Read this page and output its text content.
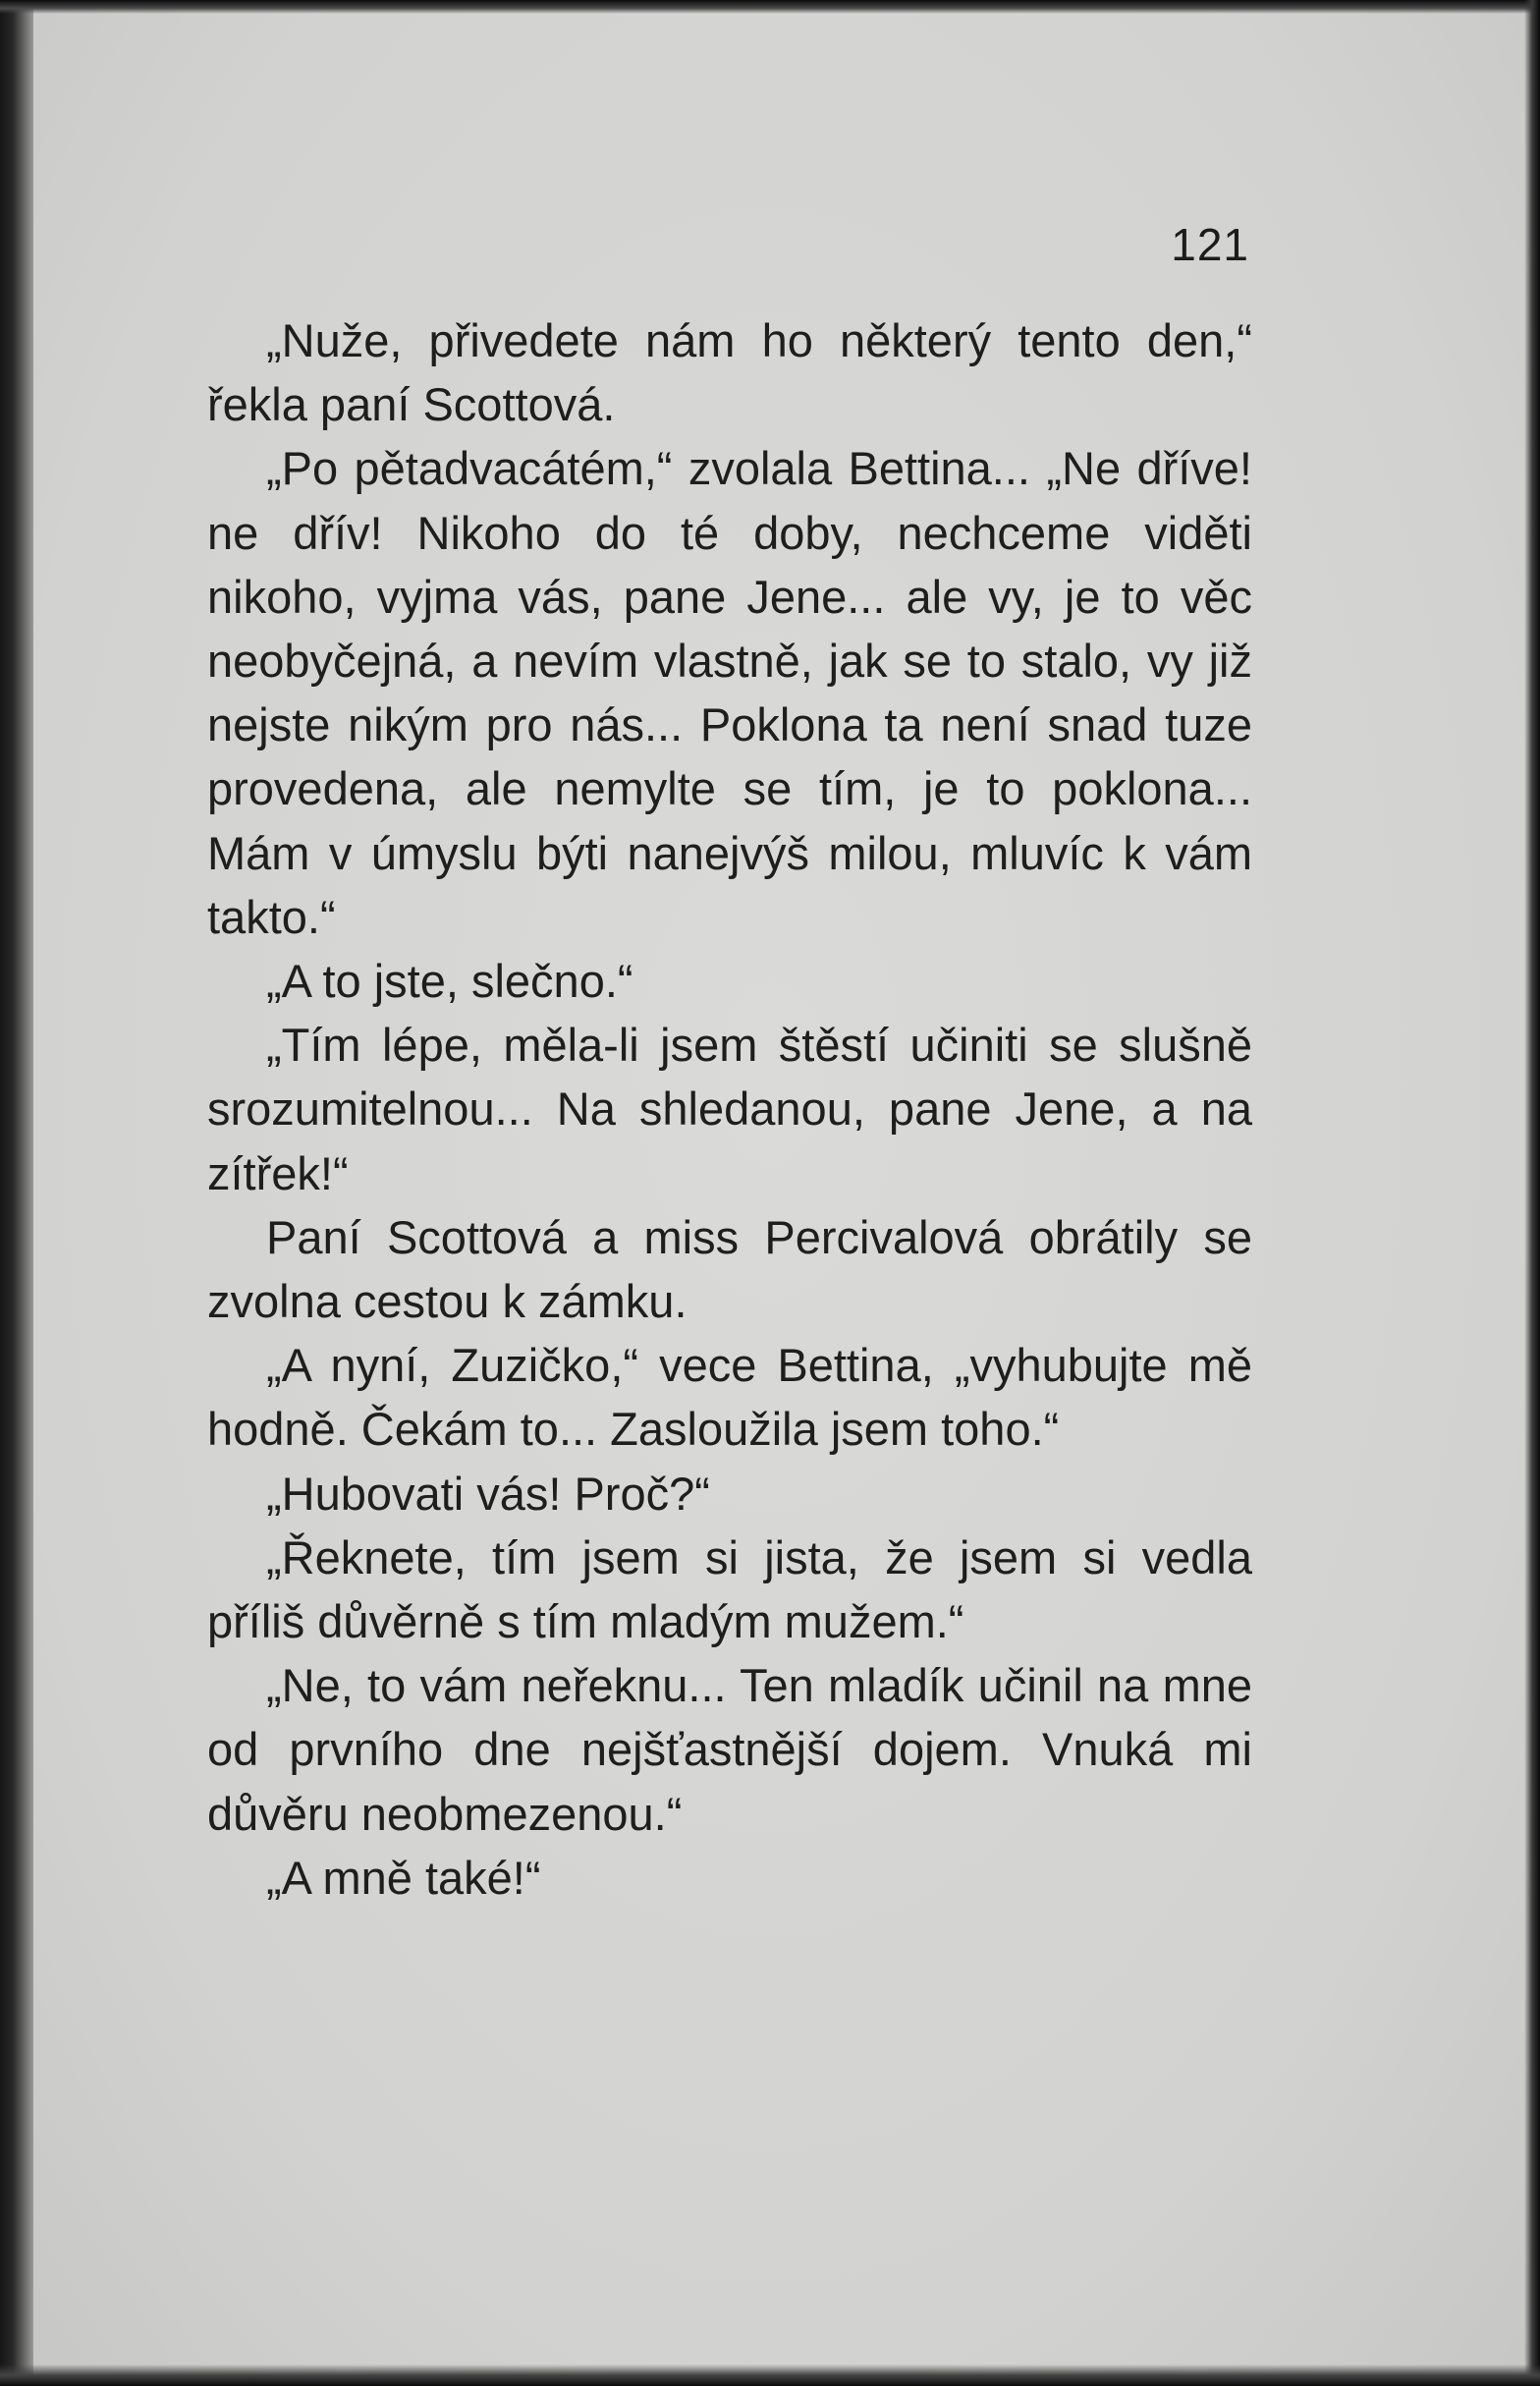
121

„Nuže, přivedete nám ho některý tento den,“ řekla paní Scottová.

„Po pětadvacátém,“ zvolala Bettina... „Ne dříve! ne dřív! Nikoho do té doby, nechceme viděti nikoho, vyjma vás, pane Jene... ale vy, je to věc neobyčejná, a nevím vlastně, jak se to stalo, vy již nejste nikým pro nás... Poklona ta není snad tuze provedena, ale nemylte se tím, je to poklona... Mám v úmyslu býti nanejvýš milou, mluvíc k vám takto.“

„A to jste, slečno.“

„Tím lépe, měla-li jsem štěstí učiniti se slušně srozumitelnou... Na shledanou, pane Jene, a na zítřek!“

Paní Scottová a miss Percivalová obrátily se zvolna cestou k zámku.

„A nyní, Zuzičko,“ vece Bettina, „vyhubujte mě hodně. Čekám to... Zasloužila jsem toho.“

„Hubovati vás! Proč?“

„Řeknete, tím jsem si jista, že jsem si vedla příliš důvěrně s tím mladým mužem.“

„Ne, to vám neřeknu... Ten mladík učinil na mne od prvního dne nejšťastnější dojem. Vnuká mi důvěru neobmezenou.“

„A mně také!“
